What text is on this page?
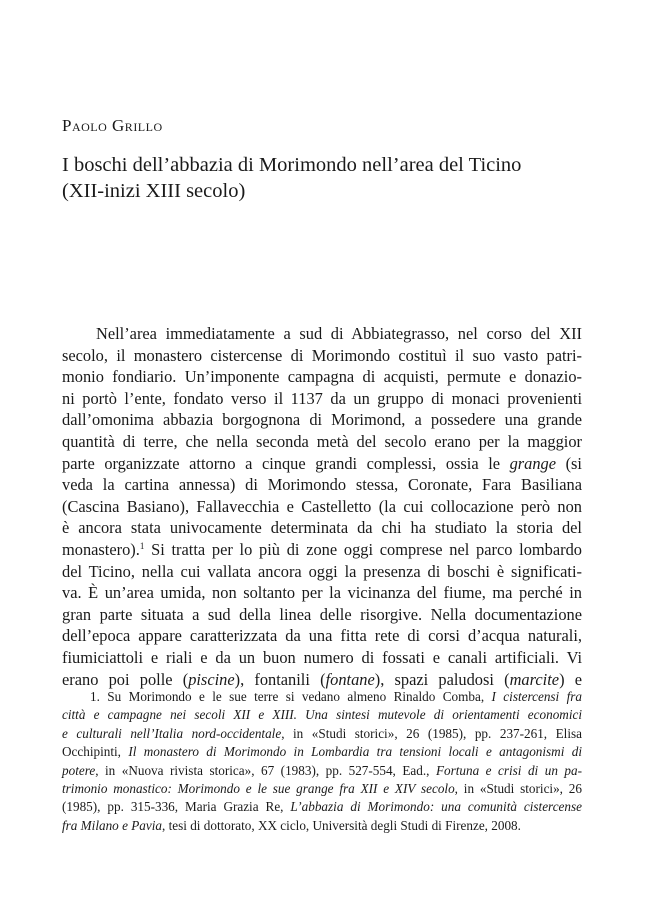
Paolo Grillo
I boschi dell’abbazia di Morimondo nell’area del Ticino
(XII-inizi XIII secolo)
Nell’area immediatamente a sud di Abbiategrasso, nel corso del XII
secolo, il monastero cistercense di Morimondo costituì il suo vasto patri-
monio fondiario. Un’imponente campagna di acquisti, permute e donazio-
ni portò l’ente, fondato verso il 1137 da un gruppo di monaci provenienti
dall’omonima abbazia borgognona di Morimond, a possedere una grande
quantità di terre, che nella seconda metà del secolo erano per la maggior
parte organizzate attorno a cinque grandi complessi, ossia le grange (si
veda la cartina annessa) di Morimondo stessa, Coronate, Fara Basiliana
(Cascina Basiano), Fallavecchia e Castelletto (la cui collocazione però non
è ancora stata univocamente determinata da chi ha studiato la storia del
monastero).$^1$ Si tratta per lo più di zone oggi comprese nel parco lombardo
del Ticino, nella cui vallata ancora oggi la presenza di boschi è significati-
va. È un’area umida, non soltanto per la vicinanza del fiume, ma perché in
gran parte situata a sud della linea delle risorgive. Nella documentazione
dell’epoca appare caratterizzata da una fitta rete di corsi d’acqua naturali,
fiumiciattoli e riali e da un buon numero di fossati e canali artificiali. Vi
erano poi polle (piscine), fontanili (fontane), spazi paludosi (marcite) e
1. Su Morimondo e le sue terre si vedano almeno Rinaldo Comba, I cistercensi fra
città e campagne nei secoli XII e XIII. Una sintesi mutevole di orientamenti economici
e culturali nell’Italia nord-occidentale, in «Studi storici», 26 (1985), pp. 237-261, Elisa
Occhipinti, Il monastero di Morimondo in Lombardia tra tensioni locali e antagonismi di
potere, in «Nuova rivista storica», 67 (1983), pp. 527-554, Ead., Fortuna e crisi di un pa-
trimonio monastico: Morimondo e le sue grange fra XII e XIV secolo, in «Studi storici», 26
(1985), pp. 315-336, Maria Grazia Re, L’abbazia di Morimondo: una comunità cistercense
fra Milano e Pavia, tesi di dottorato, XX ciclo, Università degli Studi di Firenze, 2008.
